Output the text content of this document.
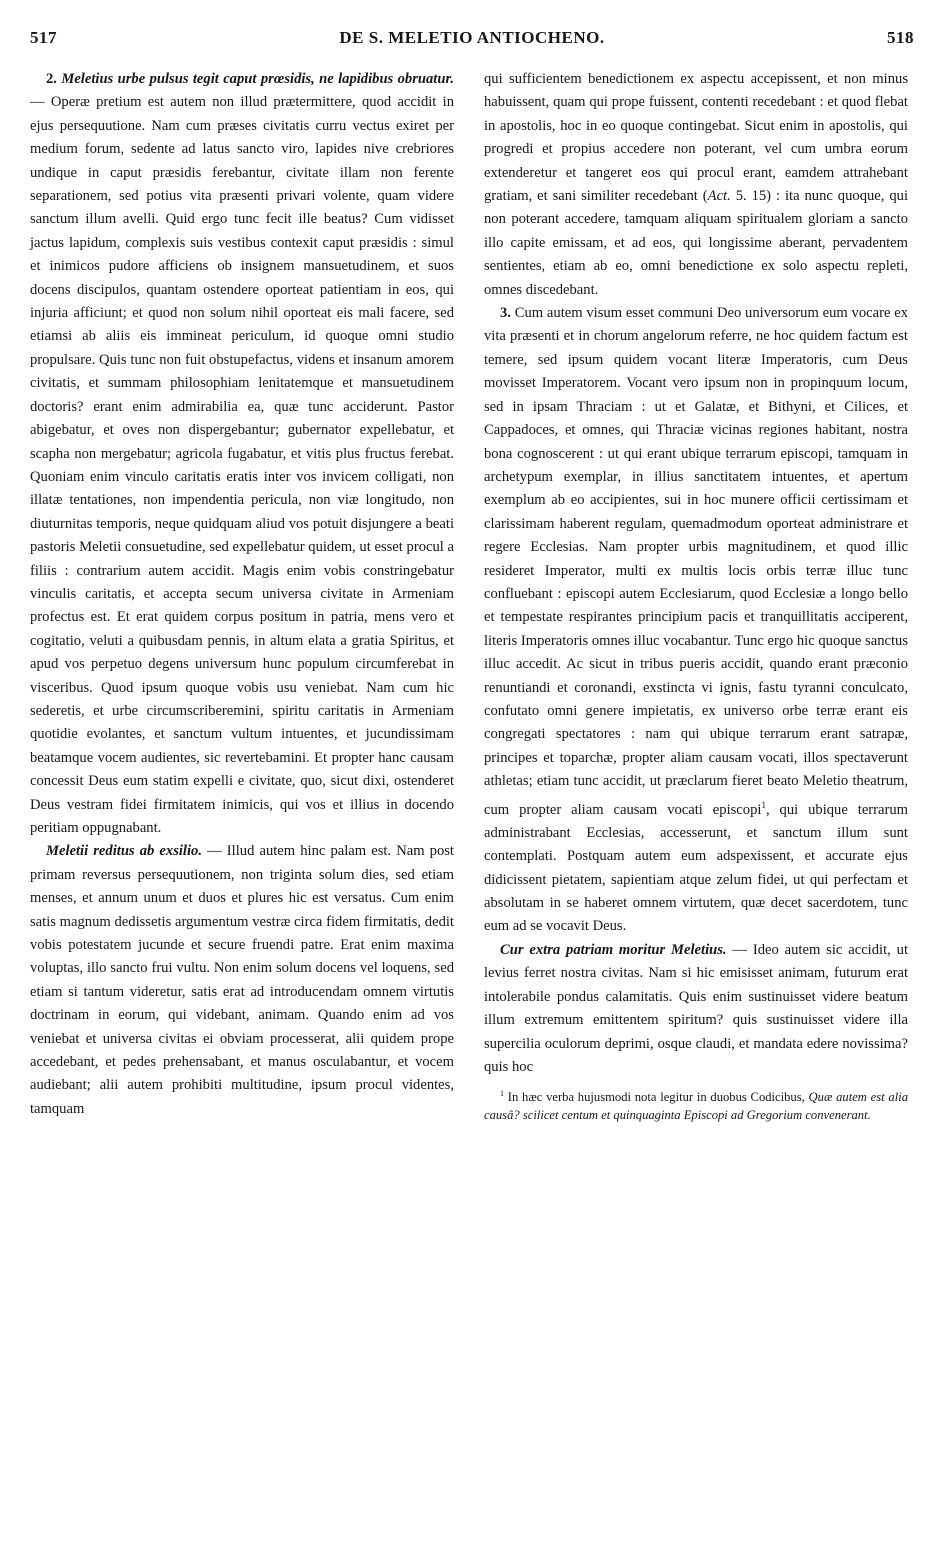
517	DE S. MELETIO ANTIOCHENO.	518

2. Meletius urbe pulsus tegit caput prœsidis, ne lapidibus obruatur. — Operæ pretium est autem non illud prætermittere, quod accidit in ejus persequutione. Nam cum præses civitatis curru vectus exiret per medium forum, sedente ad latus sancto viro, lapides nive crebriores undique in caput præsidis ferebantur, civitate illam non ferente separationem, sed potius vita præsenti privari volente, quam videre sanctum illum avelli. Quid ergo tunc fecit ille beatus? Cum vidisset jactus lapidum, complexis suis vestibus contexit caput præsidis : simul et inimicos pudore afficiens ob insignem mansuetudinem, et suos docens discipulos, quantam ostendere oporteat patientiam in eos, qui injuria afficiunt; et quod non solum nihil oporteat eis mali facere, sed etiamsi ab aliis eis immineat periculum, id quoque omni studio propulsare. Quis tunc non fuit obstupefactus, videns et insanum amorem civitatis, et summam philosophiam lenitatemque et mansuetudinem doctoris? erant enim admirabilia ea, quæ tunc acciderunt. Pastor abigebatur, et oves non dispergebantur; gubernator expellebatur, et scapha non mergebatur; agricola fugabatur, et vitis plus fructus ferebat. Quoniam enim vinculo caritatis eratis inter vos invicem colligati, non illatæ tentationes, non impendentia pericula, non viæ longitudo, non diuturnitas temporis, neque quidquam aliud vos potuit disjungere a beati pastoris Meletii consuetudine, sed expellebatur quidem, ut esset procul a filiis : contrarium autem accidit. Magis enim vobis constringebatur vinculis caritatis, et accepta secum universa civitate in Armeniam profectus est. Et erat quidem corpus positum in patria, mens vero et cogitatio, veluti a quibusdam pennis, in altum elata a gratia Spiritus, et apud vos perpetuo degens universum hunc populum circumferebat in visceribus. Quod ipsum quoque vobis usu veniebat. Nam cum hic sederetis, et urbe circumscriberemini, spiritu caritatis in Armeniam quotidie evolantes, et sanctum vultum intuentes, et jucundissimam beatamque vocem audientes, sic revertebamini. Et propter hanc causam concessit Deus eum statim expelli e civitate, quo, sicut dixi, ostenderet Deus vestram fidei firmitatem inimicis, qui vos et illius in docendo peritiam oppugnabant.

Meletii reditus ab exsilio. — Illud autem hinc palam est. Nam post primam reversus persequutionem, non triginta solum dies, sed etiam menses, et annum unum et duos et plures hic est versatus. Cum enim satis magnum dedissetis argumentum vestræ circa fidem firmitatis, dedit vobis potestatem jucunde et secure fruendi patre. Erat enim maxima voluptas, illo sancto frui vultu. Non enim solum docens vel loquens, sed etiam si tantum videretur, satis erat ad introducendam omnem virtutis doctrinam in eorum, qui videbant, animam. Quando enim ad vos veniebat et universa civitas ei obviam processerat, alii quidem prope accedebant, et pedes prehensabant, et manus osculabantur, et vocem audiebant; alii autem prohibiti multitudine, ipsum procul videntes, tamquam

qui sufficientem benedictionem ex aspectu accepissent, et non minus habuissent, quam qui prope fuissent, contenti recedebant : et quod flebat in apostolis, hoc in eo quoque contingebat. Sicut enim in apostolis, qui progredi et propius accedere non poterant, vel cum umbra eorum extenderetur et tangeret eos qui procul erant, eamdem attrahebant gratiam, et sani similiter recedebant (Act. 5. 15) : ita nunc quoque, qui non poterant accedere, tamquam aliquam spiritualem gloriam a sancto illo capite emissam, et ad eos, qui longissime aberant, pervadentem sentientes, etiam ab eo, omni benedictione ex solo aspectu repleti, omnes discedebant.

3. Cum autem visum esset communi Deo universorum eum vocare ex vita præsenti et in chorum angelorum referre, ne hoc quidem factum est temere, sed ipsum quidem vocant literæ Imperatoris, cum Deus movisset Imperatorem. Vocant vero ipsum non in propinquum locum, sed in ipsam Thraciam : ut et Galatæ, et Bithyni, et Cilices, et Cappadoces, et omnes, qui Thraciæ vicinas regiones habitant, nostra bona cognoscerent : ut qui erant ubique terrarum episcopi, tamquam in archetypum exemplar, in illius sanctitatem intuentes, et apertum exemplum ab eo accipientes, sui in hoc munere officii certissimam et clarissimam haberent regulam, quemadmodum oporteat administrare et regere Ecclesias. Nam propter urbis magnitudinem, et quod illic resideret Imperator, multi ex multis locis orbis terræ illuc tunc confluebant : episcopi autem Ecclesiarum, quod Ecclesiæ a longo bello et tempestate respirantes principium pacis et tranquillitatis acciperent, literis Imperatoris omnes illuc vocabantur. Tunc ergo hic quoque sanctus illuc accedit. Ac sicut in tribus pueris accidit, quando erant præconio renuntiandi et coronandi, exstincta vi ignis, fastu tyranni conculcato, confutato omni genere impietatis, ex universo orbe terræ erant eis congregati spectatores : nam qui ubique terrarum erant satrapæ, principes et toparchæ, propter aliam causam vocati, illos spectaverunt athletas; etiam tunc accidit, ut præclarum fieret beato Meletio theatrum, cum propter aliam causam vocati episcopi$^1$, qui ubique terrarum administrabant Ecclesias, accesserunt, et sanctum illum sunt contemplati. Postquam autem eum adspexissent, et accurate ejus didicissent pietatem, sapientiam atque zelum fidei, ut qui perfectam et absolutam in se haberet omnem virtutem, quæ decet sacerdotem, tunc eum ad se vocavit Deus.

Cur extra patriam moritur Meletius. — Ideo autem sic accidit, ut levius ferret nostra civitas. Nam si hic emisisset animam, futurum erat intolerabile pondus calamitatis. Quis enim sustinuisset videre beatum illum extremum emittentem spiritum? quis sustinuisset videre illa supercilia oculorum deprimi, osque claudi, et mandata edere novissima? quis hoc

$^1$ In hæc verba hujusmodi nota legitur in duobus Codicibus, Quæ autem est alia causâ? scilicet centum et quinquaginta Episcopi ad Gregorium convenerant.
